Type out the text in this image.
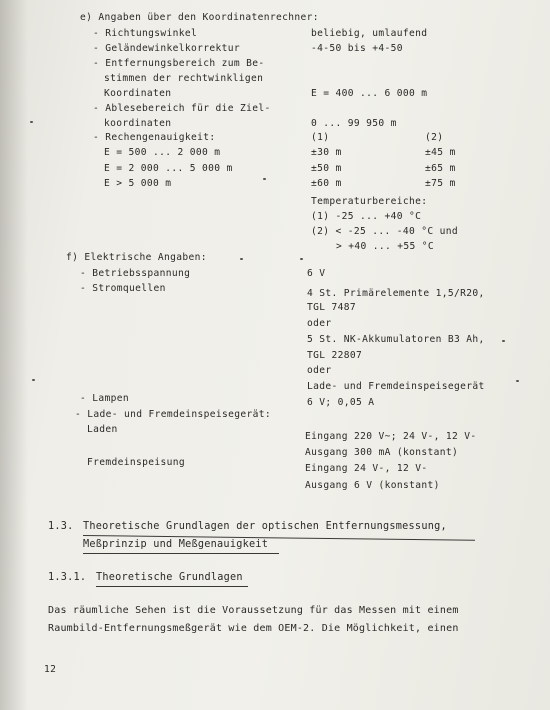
e) Angaben über den Koordinatenrechner:
- Richtungswinkel	beliebig, umlaufend
- Geländewinkelkorrektur	-4-50 bis +4-50
- Entfernungsbereich zum Be-
stimmen der rechtwinkligen
Koordinaten	E = 400 ... 6 000 m
- Ablesebereich für die Ziel-
koordinaten	0 ... 99 950 m
- Rechengenauigkeit:	(1)	(2)
E = 500 ... 2 000 m	±30 m	±45 m
E = 2 000 ... 5 000 m	±50 m	±65 m
E > 5 000 m	±60 m	±75 m
Temperaturbereiche:
(1) -25 ... +40 °C
(2) < -25 ... -40 °C und
> +40 ... +55 °C
f) Elektrische Angaben:
- Betriebsspannung	6 V
- Stromquellen	4 St. Primärelemente 1,5/R20,
TGL 7487
oder
5 St. NK-Akkumulatoren B3 Ah,
TGL 22807
oder
Lade- und Fremdeinspeisegerät
- Lampen	6 V; 0,05 A
- Lade- und Fremdeinspeisegerät:
Laden
Eingang 220 V~; 24 V-, 12 V-
Ausgang 300 mA (konstant)
Fremdeinspeisung
Eingang 24 V-, 12 V-
Ausgang 6 V (konstant)
1.3. Theoretische Grundlagen der optischen Entfernungsmessung,
Meßprinzip und Meßgenauigkeit
1.3.1. Theoretische Grundlagen
Das räumliche Sehen ist die Voraussetzung für das Messen mit einem
Raumbild-Entfernungsmeßgerät wie dem OEM-2. Die Möglichkeit, einen
12
